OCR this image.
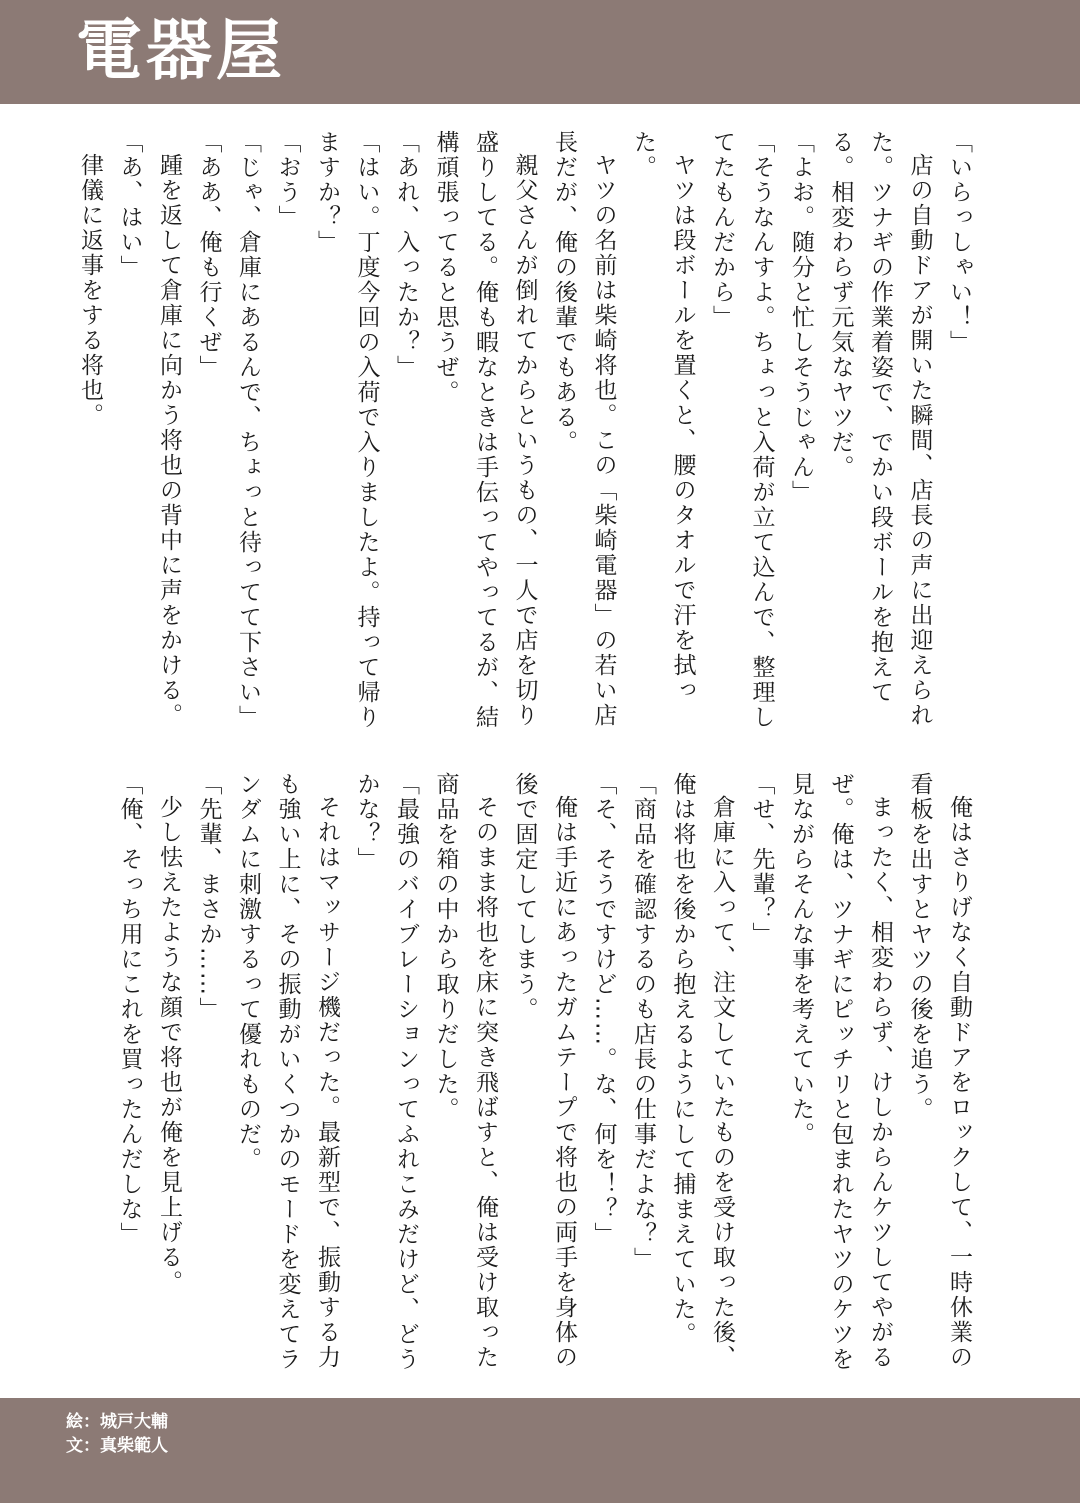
電器屋

「いらっしゃい！」

店の自動ドアが開いた瞬間、店長の声に出迎えられた。ツナギの作業着姿で、でかい段ボールを抱えてる。相変わらず元気なヤツだ。

「よお。随分と忙しそうじゃん」

「そうなんすよ。ちょっと入荷が立て込んで、整理してたもんだから」

ヤツは段ボールを置くと、腰のタオルで汗を拭った。

ヤツの名前は柴崎将也。この「柴崎電器」の若い店長だが、俺の後輩でもある。

親父さんが倒れてからというもの、一人で店を切り盛りしてる。俺も暇なときは手伝ってやってるが、結構頑張ってると思うぜ。

「あれ、入ったか？」

「はい。丁度今回の入荷で入りましたよ。持って帰りますか？」

「おう」

「じゃ、倉庫にあるんで、ちょっと待ってて下さい」

「ああ、俺も行くぜ」

踵を返して倉庫に向かう将也の背中に声をかける。

「あ、はい」

律儀に返事をする将也。

俺はさりげなく自動ドアをロックして、一時休業の看板を出すとヤツの後を追う。

まったく、相変わらず、けしからんケツしてやがるぜ。俺は、ツナギにピッチリと包まれたヤツのケツを見ながらそんな事を考えていた。

「せ、先輩？」

倉庫に入って、注文していたものを受け取った後、俺は将也を後から抱えるようにして捕まえていた。

「商品を確認するのも店長の仕事だよな？」

「そ、そうですけど……。な、何を！？」

俺は手近にあったガムテープで将也の両手を身体の後で固定してしまう。

そのまま将也を床に突き飛ばすと、俺は受け取った商品を箱の中から取りだした。

「最強のバイブレーションってふれこみだけど、どうかな？」

それはマッサージ機だった。最新型で、振動する力も強い上に、その振動がいくつかのモードを変えてランダムに刺激するって優れものだ。

「先輩、まさか……」

少し怯えたような顔で将也が俺を見上げる。

「俺、そっち用にこれを買ったんだしな」

絵：城戸大輔
文：真柴範人
